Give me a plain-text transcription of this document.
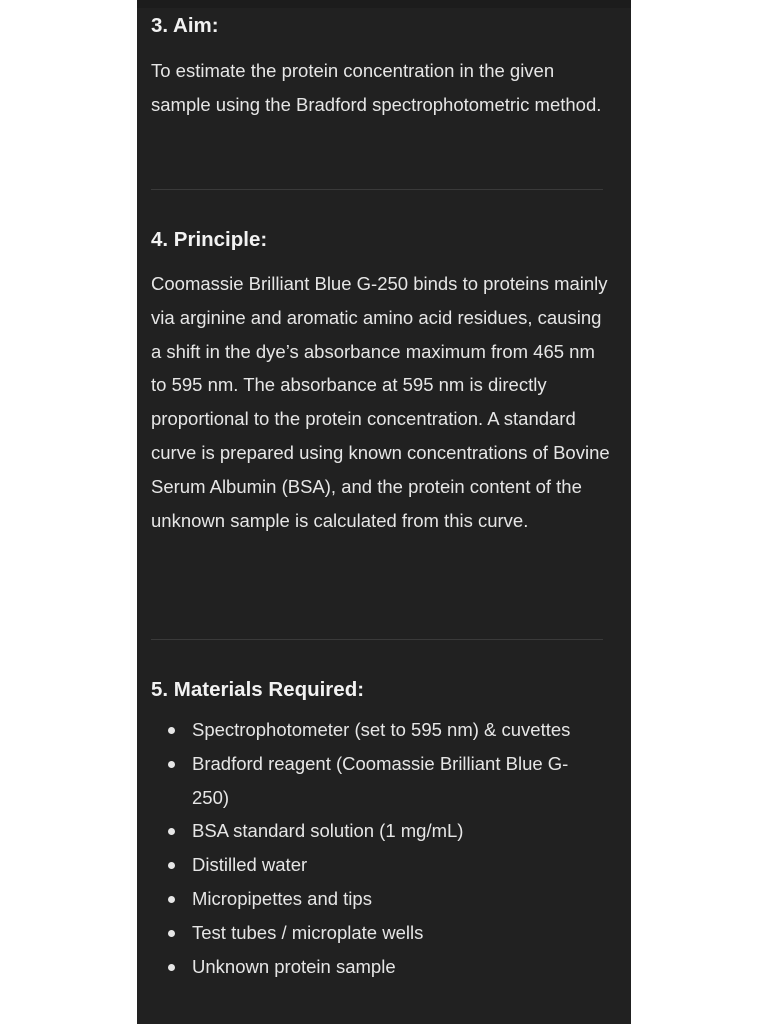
3. Aim:

To estimate the protein concentration in the given sample using the Bradford spectrophotometric method.

4. Principle:

Coomassie Brilliant Blue G-250 binds to proteins mainly via arginine and aromatic amino acid residues, causing a shift in the dye’s absorbance maximum from 465 nm to 595 nm. The absorbance at 595 nm is directly proportional to the protein concentration. A standard curve is prepared using known concentrations of Bovine Serum Albumin (BSA), and the protein content of the unknown sample is calculated from this curve.

5. Materials Required:
Spectrophotometer (set to 595 nm) & cuvettes
Bradford reagent (Coomassie Brilliant Blue G-250)
BSA standard solution (1 mg/mL)
Distilled water
Micropipettes and tips
Test tubes / microplate wells
Unknown protein sample
